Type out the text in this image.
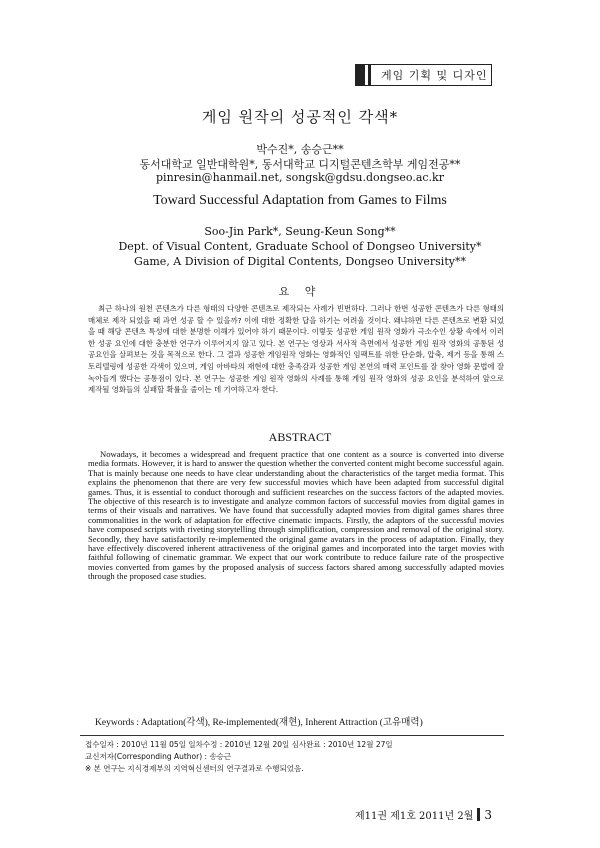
게임 기획 및 디자인
게임 원작의 성공적인 각색*
박수진*, 송승근**
동서대학교 일반대학원*, 동서대학교 디지털콘텐츠학부 게임전공**
pinresin@hanmail.net, songsk@gdsu.dongseo.ac.kr
Toward Successful Adaptation from Games to Films
Soo-Jin Park*, Seung-Keun Song**
Dept. of Visual Content, Graduate School of Dongseo University*
Game, A Division of Digital Contents, Dongseo University**
요 약
최근 하나의 원천 콘텐츠가 다른 형태의 다양한 콘텐츠로 제작되는 사례가 빈번하다. 그러나 한번 성공한 콘텐츠가 다른 형태의 매체로 제작 되었을 때 과연 성공 할 수 있을까? 이에 대한 정확한 답을 하기는 어려울 것이다. 왜냐하면 다른 콘텐츠로 변환 되었을 때 해당 콘텐츠 특성에 대한 분명한 이해가 있어야 하기 때문이다. 이렇듯 성공한 게임 원작 영화가 극소수인 상황 속에서 이러한 성공 요인에 대한 충분한 연구가 이루어지지 않고 있다. 본 연구는 영상과 서사적 측면에서 성공한 게임 원작 영화의 공통된 성공요인을 살펴보는 것을 목적으로 한다. 그 결과 성공한 게임원작 영화는 영화적인 임팩트를 위한 단순화, 압축, 제거 등을 통해 스토리텔링에 성공한 각색이 있으며, 게임 아바타의 재현에 대한 충족감과 성공한 게임 본연의 매력 포인트를 잘 찾아 영화 문법에 잘 녹아들게 했다는 공통점이 있다. 본 연구는 성공한 게임 원작 영화의 사례를 통해 게임 원작 영화의 성공 요인을 분석하여 앞으로 제작될 영화들의 실패할 확률을 줄이는 데 기여하고자 한다.
ABSTRACT
Nowadays, it becomes a widespread and frequent practice that one content as a source is converted into diverse media formats. However, it is hard to answer the question whether the converted content might become successful again. That is mainly because one needs to have clear understanding about the characteristics of the target media format. This explains the phenomenon that there are very few successful movies which have been adapted from successful digital games. Thus, it is essential to conduct thorough and sufficient researches on the success factors of the adapted movies. The objective of this research is to investigate and analyze common factors of successful movies from digital games in terms of their visuals and narratives. We have found that successfully adapted movies from digital games shares three commonalities in the work of adaptation for effective cinematic impacts. Firstly, the adaptors of the successful movies have composed scripts with riveting storytelling through simplification, compression and removal of the original story. Secondly, they have satisfactorily re-implemented the original game avatars in the process of adaptation. Finally, they have effectively discovered inherent attractiveness of the original games and incorporated into the target movies with faithful following of cinematic grammar. We expect that our work contribute to reduce failure rate of the prospective movies converted from games by the proposed analysis of success factors shared among successfully adapted movies through the proposed case studies.
Keywords : Adaptation(각색), Re-implemented(재현), Inherent Attraction (고유매력)
접수일자 : 2010년 11월 05일 일차수정 : 2010년 12월 20일 심사완료 : 2010년 12월 27일
교신저자(Corresponding Author) : 송승근
※ 본 연구는 지식경제부의 지역혁신센터의 연구결과로 수행되었음.
제11권 제1호 2011년 2월 3
